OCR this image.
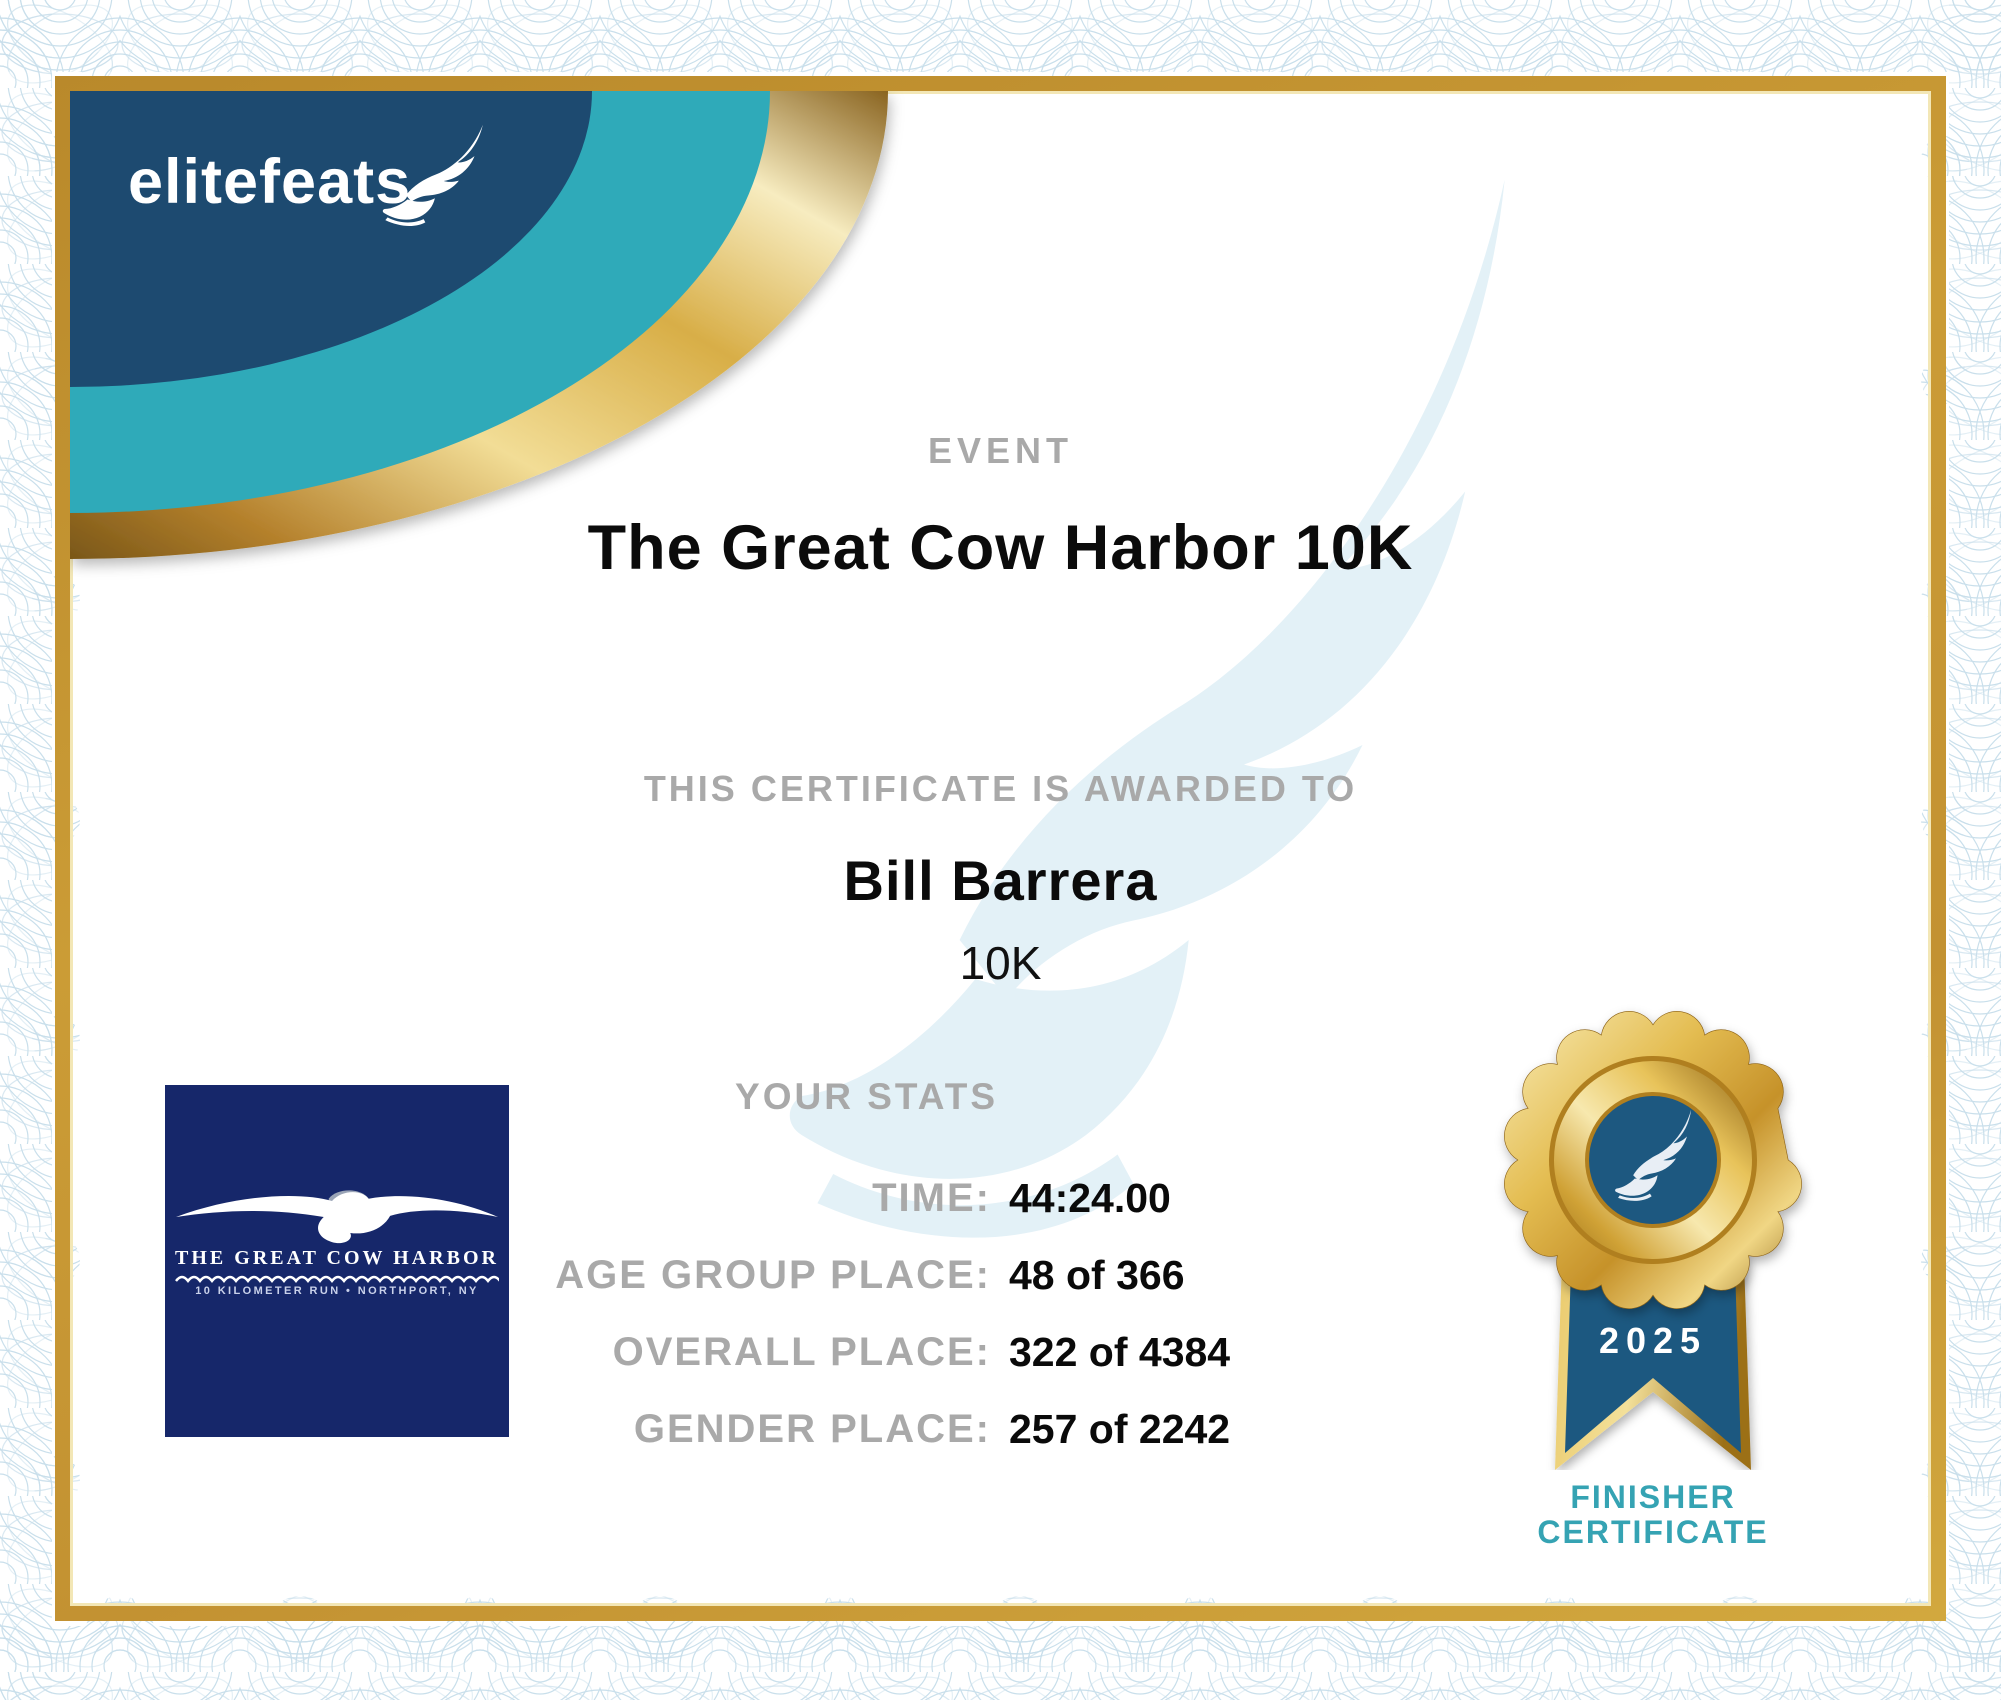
elitefeats
EVENT
The Great Cow Harbor 10K
THIS CERTIFICATE IS AWARDED TO
Bill Barrera
10K
YOUR STATS
TIME: 44:24.00
AGE GROUP PLACE: 48 of 366
OVERALL PLACE: 322 of 4384
GENDER PLACE: 257 of 2242
THE GREAT COW HARBOR
10 KILOMETER RUN • NORTHPORT, NY
2025
FINISHER
CERTIFICATE
